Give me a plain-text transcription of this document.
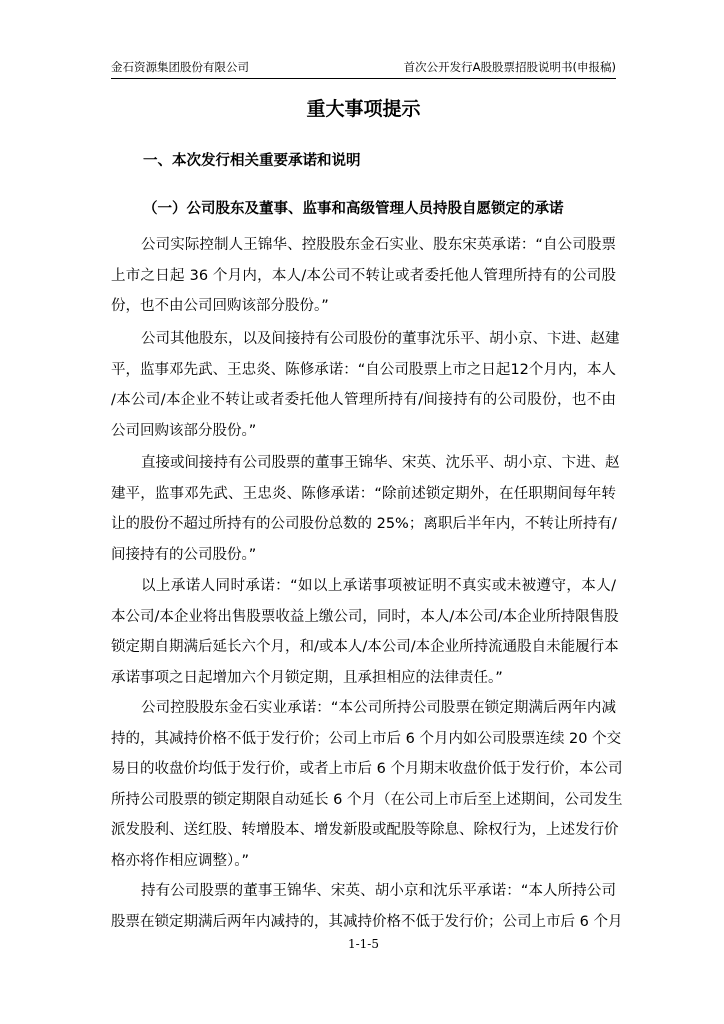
金石资源集团股份有限公司	首次公开发行A股股票招股说明书(申报稿)
重大事项提示
一、本次发行相关重要承诺和说明
（一）公司股东及董事、监事和高级管理人员持股自愿锁定的承诺
公司实际控制人王锦华、控股股东金石实业、股东宋英承诺：“自公司股票
上市之日起 36 个月内，本人/本公司不转让或者委托他人管理所持有的公司股
份，也不由公司回购该部分股份。”
公司其他股东，以及间接持有公司股份的董事沈乐平、胡小京、卞进、赵建
平，监事邓先武、王忠炎、陈修承诺：“自公司股票上市之日起12个月内，本人
/本公司/本企业不转让或者委托他人管理所持有/间接持有的公司股份，也不由
公司回购该部分股份。”
直接或间接持有公司股票的董事王锦华、宋英、沈乐平、胡小京、卞进、赵
建平，监事邓先武、王忠炎、陈修承诺：“除前述锁定期外，在任职期间每年转
让的股份不超过所持有的公司股份总数的 25%；离职后半年内，不转让所持有/
间接持有的公司股份。”
以上承诺人同时承诺：“如以上承诺事项被证明不真实或未被遵守，本人/
本公司/本企业将出售股票收益上缴公司，同时，本人/本公司/本企业所持限售股
锁定期自期满后延长六个月，和/或本人/本公司/本企业所持流通股自未能履行本
承诺事项之日起增加六个月锁定期，且承担相应的法律责任。”
公司控股股东金石实业承诺：“本公司所持公司股票在锁定期满后两年内减
持的，其减持价格不低于发行价；公司上市后 6 个月内如公司股票连续 20 个交
易日的收盘价均低于发行价，或者上市后 6 个月期末收盘价低于发行价，本公司
所持公司股票的锁定期限自动延长 6 个月（在公司上市后至上述期间，公司发生
派发股利、送红股、转增股本、增发新股或配股等除息、除权行为，上述发行价
格亦将作相应调整）。”
持有公司股票的董事王锦华、宋英、胡小京和沈乐平承诺：“本人所持公司
股票在锁定期满后两年内减持的，其减持价格不低于发行价；公司上市后 6 个月
1-1-5
